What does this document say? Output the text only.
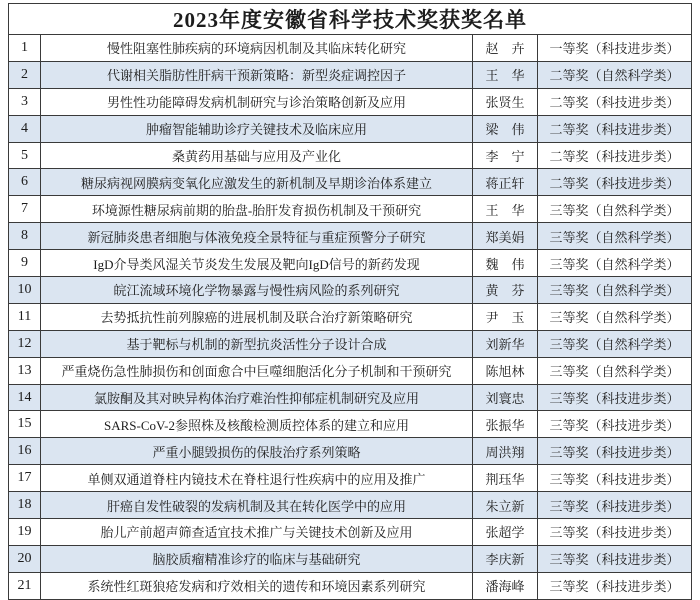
2023年度安徽省科学技术奖获奖名单			
1	慢性阻塞性肺疾病的环境病因机制及其临床转化研究	赵　卉	一等奖（科技进步类）
2	代谢相关脂肪性肝病干预新策略：新型炎症调控因子	王　华	二等奖（自然科学类）
3	男性性功能障碍发病机制研究与诊治策略创新及应用	张贤生	二等奖（科技进步类）
4	肿瘤智能辅助诊疗关键技术及临床应用	梁　伟	二等奖（科技进步类）
5	桑黄药用基础与应用及产业化	李　宁	二等奖（科技进步类）
6	糖尿病视网膜病变氧化应激发生的新机制及早期诊治体系建立	蒋正轩	二等奖（科技进步类）
7	环境源性糖尿病前期的胎盘-胎肝发育损伤机制及干预研究	王　华	三等奖（自然科学类）
8	新冠肺炎患者细胞与体液免疫全景特征与重症预警分子研究	郑美娟	三等奖（自然科学类）
9	IgD介导类风湿关节炎发生发展及靶向IgD信号的新药发现	魏　伟	三等奖（自然科学类）
10	皖江流域环境化学物暴露与慢性病风险的系列研究	黄　芬	三等奖（自然科学类）
11	去势抵抗性前列腺癌的进展机制及联合治疗新策略研究	尹　玉	三等奖（自然科学类）
12	基于靶标与机制的新型抗炎活性分子设计合成	刘新华	三等奖（自然科学类）
13	严重烧伤急性肺损伤和创面愈合中巨噬细胞活化分子机制和干预研究	陈旭林	三等奖（自然科学类）
14	氯胺酮及其对映异构体治疗难治性抑郁症机制研究及应用	刘寰忠	三等奖（科技进步类）
15	SARS-CoV-2参照株及核酸检测质控体系的建立和应用	张振华	三等奖（科技进步类）
16	严重小腿毁损伤的保肢治疗系列策略	周洪翔	三等奖（科技进步类）
17	单侧双通道脊柱内镜技术在脊柱退行性疾病中的应用及推广	荆珏华	三等奖（科技进步类）
18	肝癌自发性破裂的发病机制及其在转化医学中的应用	朱立新	三等奖（科技进步类）
19	胎儿产前超声筛查适宜技术推广与关键技术创新及应用	张超学	三等奖（科技进步类）
20	脑胶质瘤精准诊疗的临床与基础研究	李庆新	三等奖（科技进步类）
21	系统性红斑狼疮发病和疗效相关的遗传和环境因素系列研究	潘海峰	三等奖（科技进步类）
